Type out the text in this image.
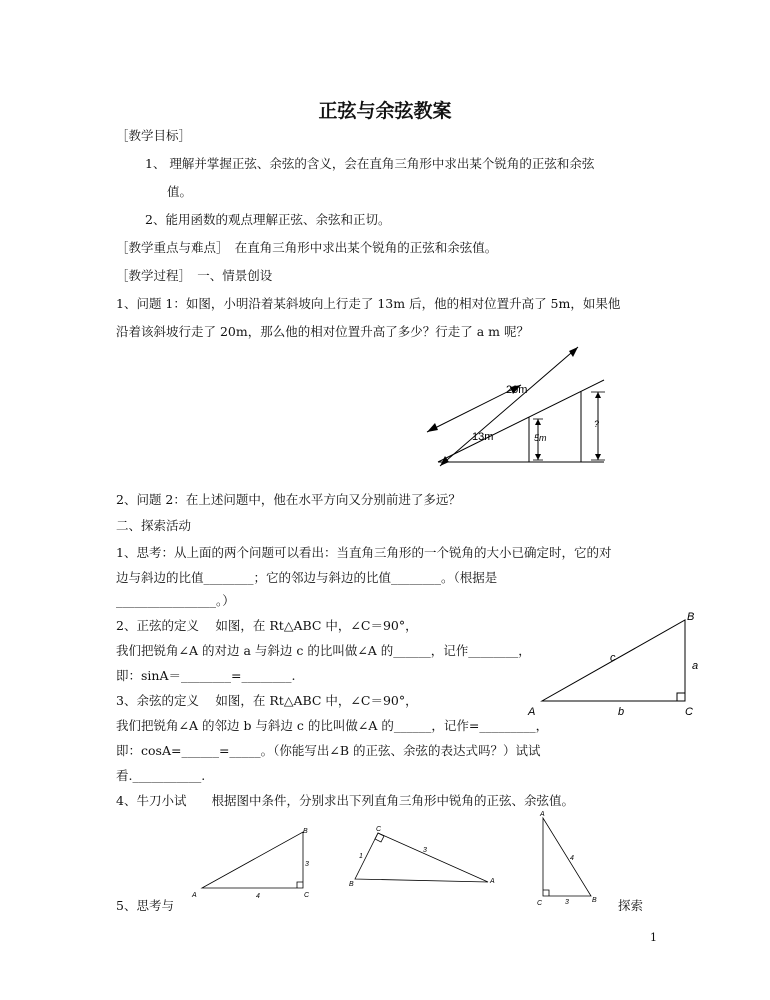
正弦与余弦教案
［教学目标］
1、 理解并掌握正弦、余弦的含义，会在直角三角形中求出某个锐角的正弦和余弦
值。
2、能用函数的观点理解正弦、余弦和正切。
［教学重点与难点］　在直角三角形中求出某个锐角的正弦和余弦值。
［教学过程］　一、情景创设
1、问题 1：如图，小明沿着某斜坡向上行走了 13m 后，他的相对位置升高了 5m，如果他
沿着该斜坡行走了 20m，那么他的相对位置升高了多少？行走了 a m 呢？
20m
13m	5m
?
2、问题 2：在上述问题中，他在水平方向又分别前进了多远？
二、探索活动
1、思考：从上面的两个问题可以看出：当直角三角形的一个锐角的大小已确定时，它的对
边与斜边的比值________；它的邻边与斜边的比值________。（根据是
________________。）
2、正弦的定义　 如图，在 Rt△ABC 中，∠C＝90°，
我们把锐角∠A 的对边 a 与斜边 c 的比叫做∠A 的______，记作________，
即：sinA＝________=________.
3、余弦的定义　 如图，在 Rt△ABC 中，∠C＝90°，
我们把锐角∠A 的邻边 b 与斜边 c 的比叫做∠A 的______，记作=_________，
即：cosA=______=_____。（你能写出∠B 的正弦、余弦的表达式吗？）试试
看.___________.
B
A	C
a
b
c
4、牛刀小试　　根据图中条件，分别求出下列直角三角形中锐角的正弦、余弦值。
B
A	C
3
4
C
B	A
1
3
A
C	B
4
3
5、思考与	探索
1
